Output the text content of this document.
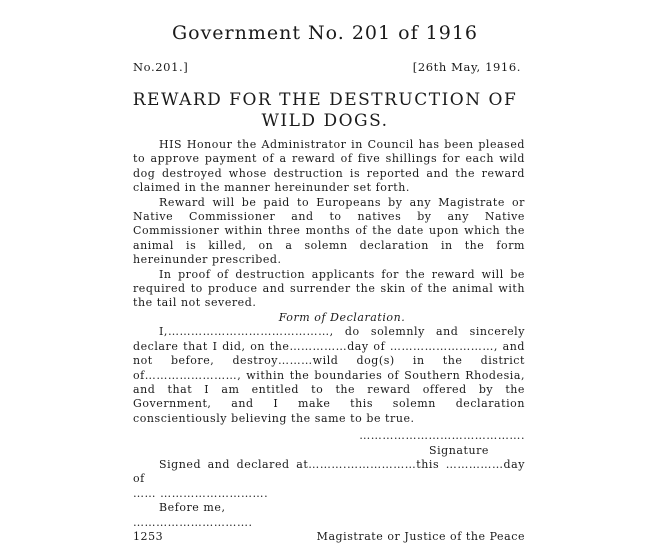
Government No. 201 of 1916
No.201.]	[26th May, 1916.
REWARD FOR THE DESTRUCTION OF
WILD DOGS.

HIS Honour the Administrator in Council has been pleased to approve payment of a reward of five shillings for each wild dog destroyed whose destruction is reported and the reward claimed in the manner hereinunder set forth.

Reward will be paid to Europeans by any Magistrate or Native Commissioner and to natives by any Native Commissioner within three months of the date upon which the animal is killed, on a solemn declaration in the form hereinunder prescribed.

In proof of destruction applicants for the reward will be required to produce and surrender the skin of the animal with the tail not severed.

Form of Declaration.

I,……………………………………, do solemnly and sincerely declare that I did, on the……………day of ………………………, and not before, destroy………wild dog(s) in the district of……………………, within the boundaries of Southern Rhodesia, and that I am entitled to the reward offered by the Government, and I make this solemn declaration conscientiously believing the same to be true.

…………………………………….
Signature
Signed and declared at……….………………this ……………day of
…… ……………………….
Before me,
………………………….
1253	Magistrate or Justice of the Peace
